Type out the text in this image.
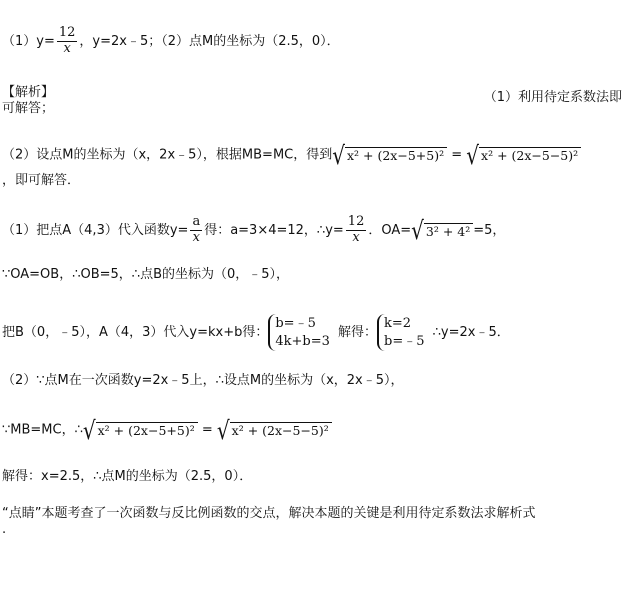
$(1)y= \frac{12}{x}$ ，y=2x﹣5；（2）点M的坐标为（2.5，0）．
【解析】	（1）利用待定系数法即
可解答；
（2）设点M的坐标为（x，2x﹣5），根据MB=MC，得到√ x² + (2x−5+5)² = √ x² + (2x−5−5)²
，即可解答．
（1）把点A（4,3）代入函数$y= \frac{a}{x}$ 得：a=3×4=12，∴y= $\frac{12}{x}$ ．OA=√ 3² + 4² =5，
∵OA=OB，∴OB=5，∴点B的坐标为（0，﹣5），
把B（0，﹣5），A（4，3）代入y=kx+b得：
b=﹣5
4k+b=3
解得：
k=2
b=﹣5
∴y=2x﹣5．
（2）∵点M在一次函数y=2x﹣5上，∴设点M的坐标为（x，2x﹣5），
∵MB=MC，∴√ x² + (2x−5+5)² = √ x² + (2x−5−5)²
解得：x=2.5，∴点M的坐标为（2.5，0）．
“点睛”本题考查了一次函数与反比例函数的交点，解决本题的关键是利用待定系数法求解析式
.
